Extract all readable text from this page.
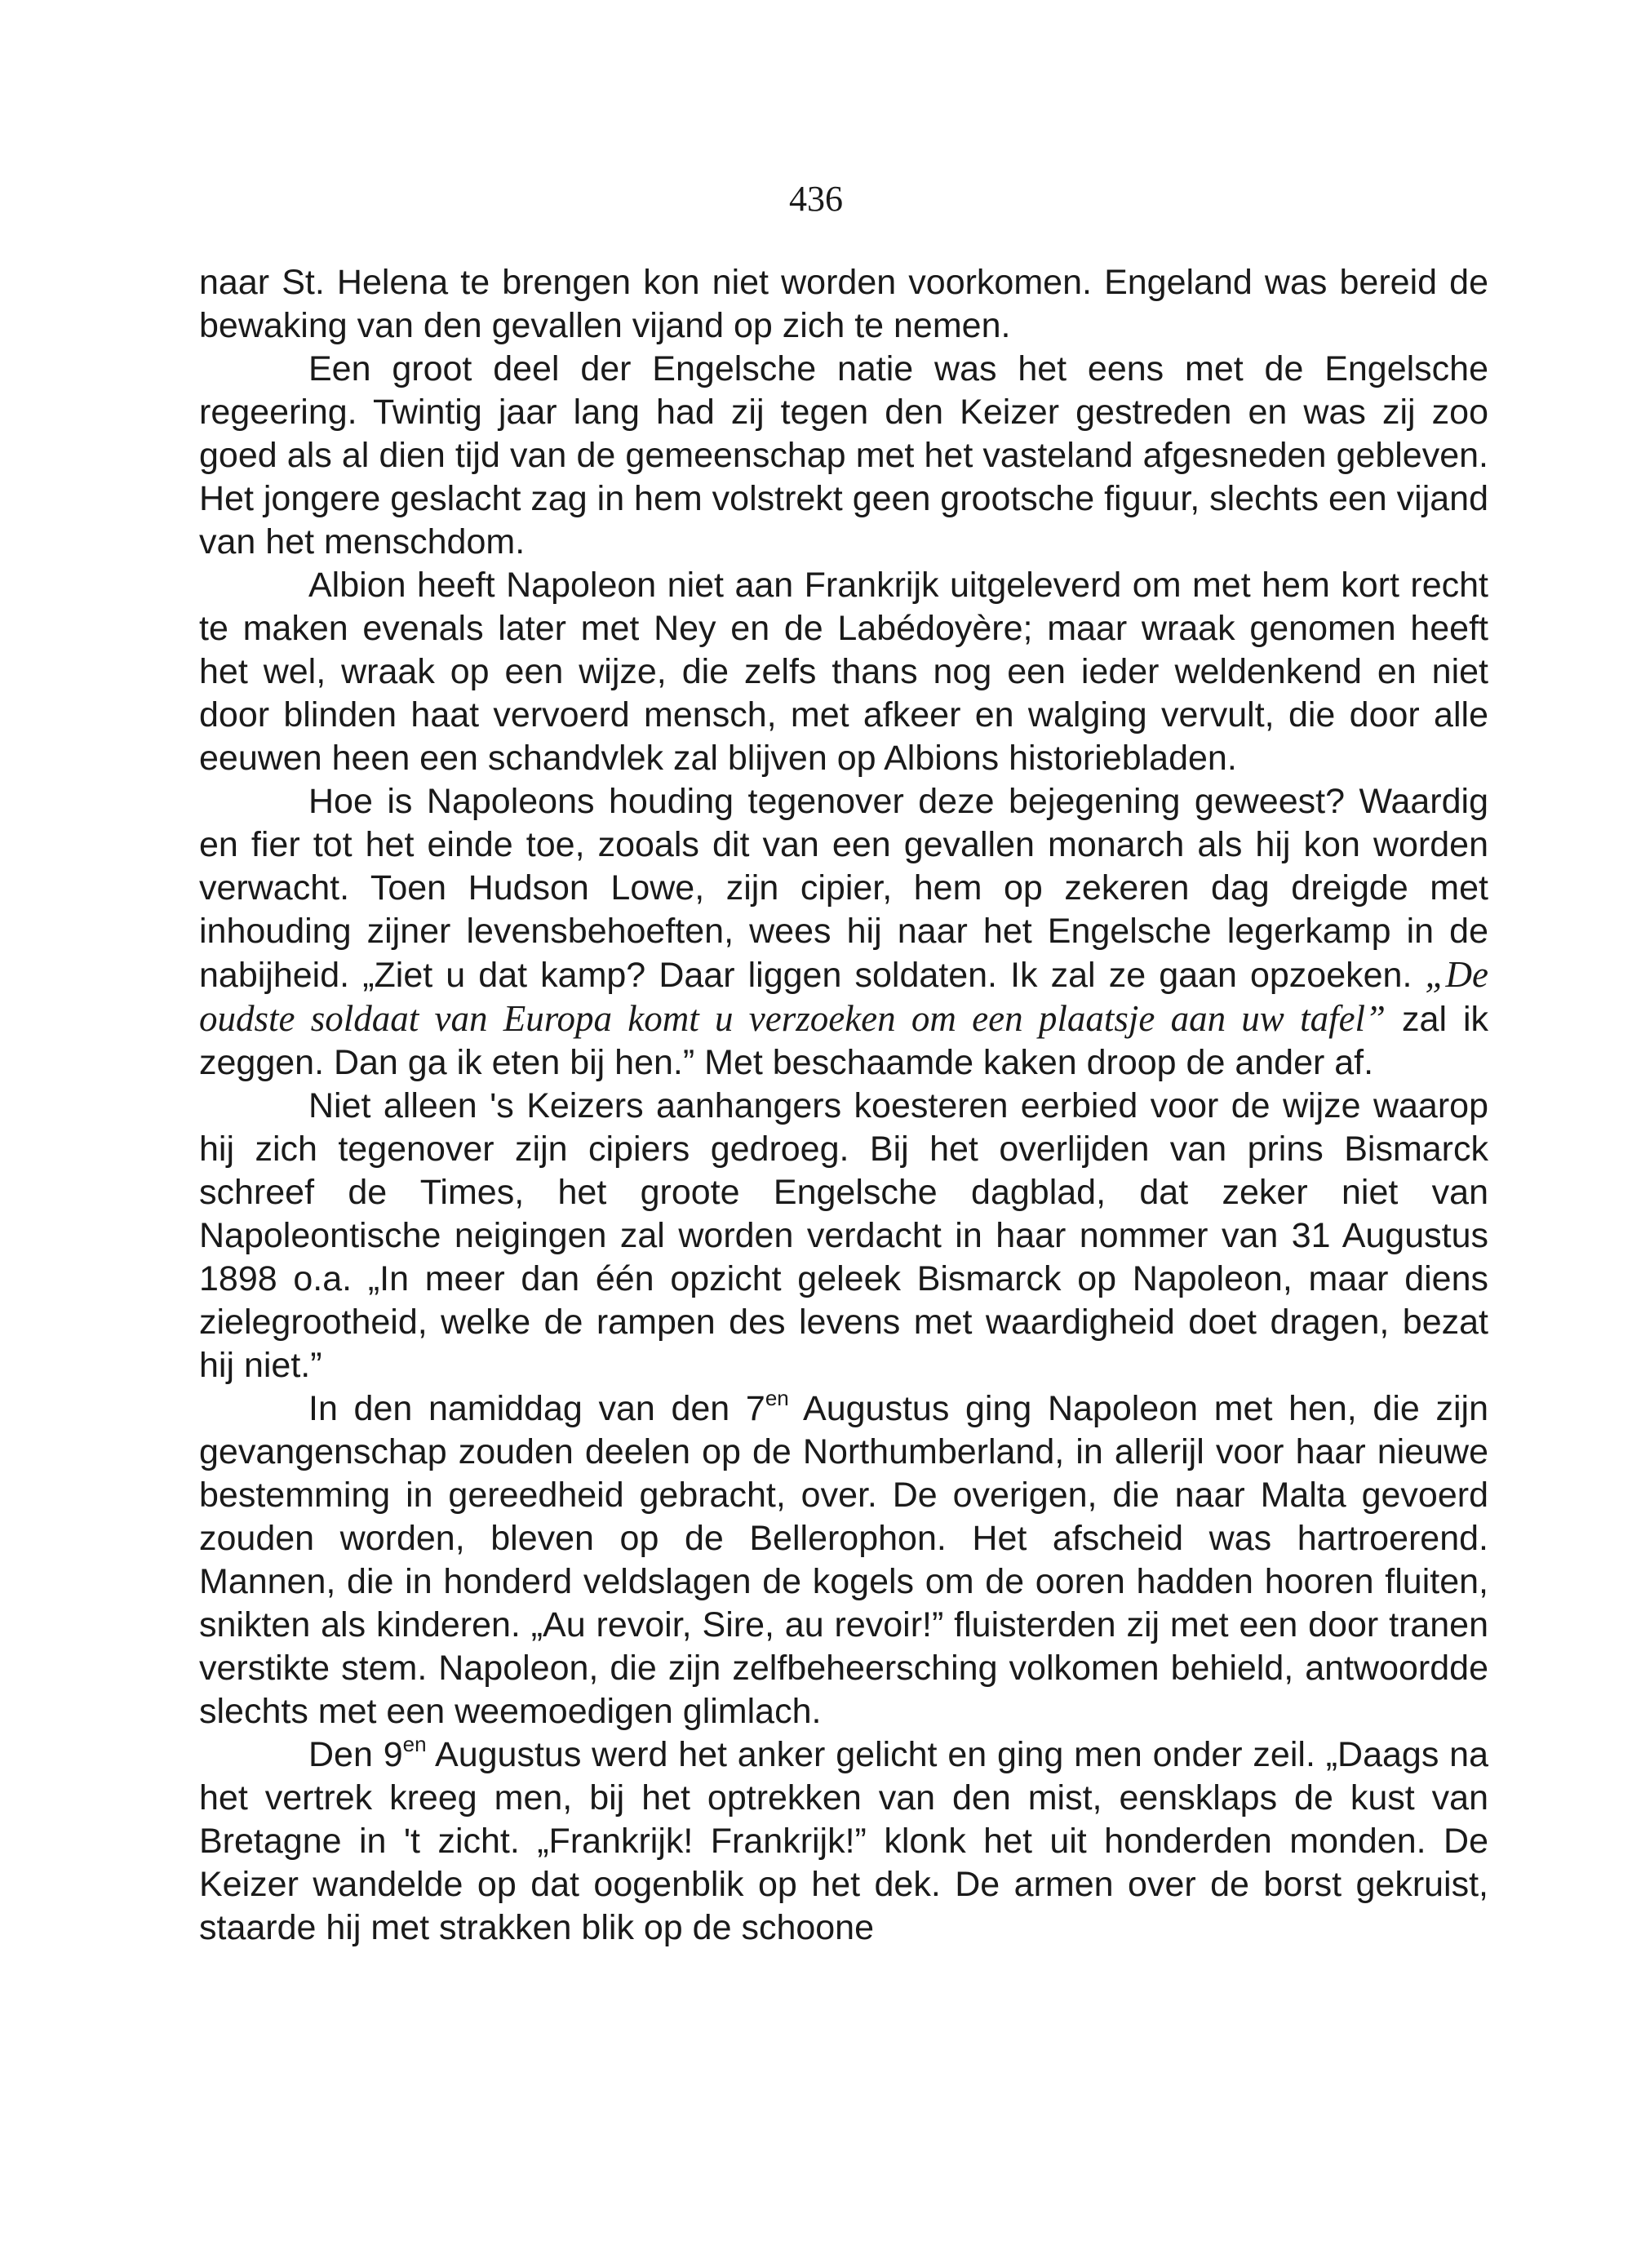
436

naar St. Helena te brengen kon niet worden voorkomen. Engeland was bereid de bewaking van den gevallen vijand op zich te nemen.

Een groot deel der Engelsche natie was het eens met de Engelsche regeering. Twintig jaar lang had zij tegen den Keizer gestreden en was zij zoo goed als al dien tijd van de gemeenschap met het vasteland afgesneden gebleven. Het jongere geslacht zag in hem volstrekt geen grootsche figuur, slechts een vijand van het menschdom.

Albion heeft Napoleon niet aan Frankrijk uitgeleverd om met hem kort recht te maken evenals later met Ney en de Labédoyère; maar wraak genomen heeft het wel, wraak op een wijze, die zelfs thans nog een ieder weldenkend en niet door blinden haat vervoerd mensch, met afkeer en walging vervult, die door alle eeuwen heen een schandvlek zal blijven op Albions historiebladen.

Hoe is Napoleons houding tegenover deze bejegening geweest? Waardig en fier tot het einde toe, zooals dit van een gevallen monarch als hij kon worden verwacht. Toen Hudson Lowe, zijn cipier, hem op zekeren dag dreigde met inhouding zijner levensbehoeften, wees hij naar het Engelsche legerkamp in de nabijheid. „Ziet u dat kamp? Daar liggen soldaten. Ik zal ze gaan opzoeken. „De oudste soldaat van Europa komt u verzoeken om een plaatsje aan uw tafel” zal ik zeggen. Dan ga ik eten bij hen.” Met beschaamde kaken droop de ander af.

Niet alleen 's Keizers aanhangers koesteren eerbied voor de wijze waarop hij zich tegenover zijn cipiers gedroeg. Bij het overlijden van prins Bismarck schreef de Times, het groote Engelsche dagblad, dat zeker niet van Napoleontische neigingen zal worden verdacht in haar nommer van 31 Augustus 1898 o.a. „In meer dan één opzicht geleek Bismarck op Napoleon, maar diens zielegrootheid, welke de rampen des levens met waardigheid doet dragen, bezat hij niet.”

In den namiddag van den $7^{en}$ Augustus ging Napoleon met hen, die zijn gevangenschap zouden deelen op de Northumberland, in allerijl voor haar nieuwe bestemming in gereedheid gebracht, over. De overigen, die naar Malta gevoerd zouden worden, bleven op de Bellerophon. Het afscheid was hartroerend. Mannen, die in honderd veldslagen de kogels om de ooren hadden hooren fluiten, snikten als kinderen. „Au revoir, Sire, au revoir!” fluisterden zij met een door tranen verstikte stem. Napoleon, die zijn zelfbeheersching volkomen behield, antwoordde slechts met een weemoedigen glimlach.

Den $9^{en}$ Augustus werd het anker gelicht en ging men onder zeil. „Daags na het vertrek kreeg men, bij het optrekken van den mist, eensklaps de kust van Bretagne in 't zicht. „Frankrijk! Frankrijk!” klonk het uit honderden monden. De Keizer wandelde op dat oogenblik op het dek. De armen over de borst gekruist, staarde hij met strakken blik op de schoone
